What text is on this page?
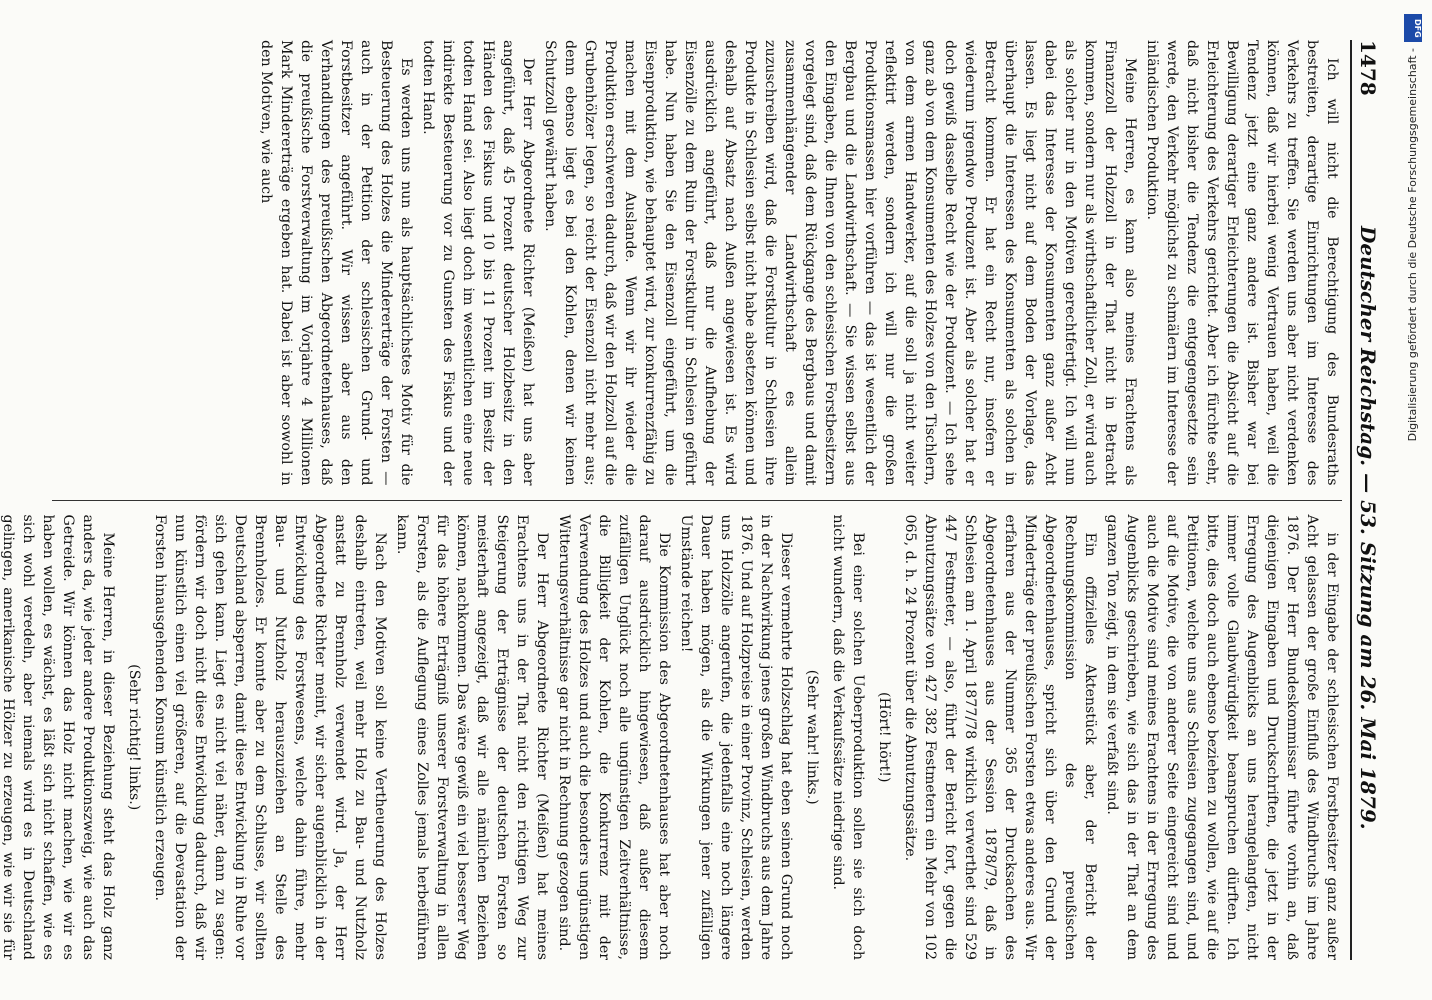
1478
Deutscher Reichstag. — 53. Sitzung am 26. Mai 1879.

Ich will nicht die Berechtigung des Bundesraths bestreiten, derartige Einrichtungen im Interesse des Verkehrs zu treffen. Sie werden uns aber nicht verdenken können, daß wir hierbei wenig Vertrauen haben, weil die Tendenz jetzt eine ganz andere ist. Bisher war bei Bewilligung derartiger Erleichterungen die Absicht auf die Erleichterung des Verkehrs gerichtet. Aber ich fürchte sehr, daß nicht bisher die Tendenz die entgegengesetzte sein werde, den Verkehr möglichst zu schmälern im Interesse der inländischen Produktion.

Meine Herren, es kann also meines Erachtens als Finanzzoll der Holzzoll in der That nicht in Betracht kommen, sondern nur als wirthschaftlicher Zoll, er wird auch als solcher nur in den Motiven gerechtfertigt. Ich will nun dabei das Interesse der Konsumenten ganz außer Acht lassen. Es liegt nicht auf dem Boden der Vorlage, das überhaupt die Interessen des Konsumenten als solchen in Betracht kommen. Er hat ein Recht nur, insofern er wiederum irgendwo Produzent ist. Aber als solcher hat er doch gewiß dasselbe Recht wie der Produzent. — Ich sehe ganz ab von dem Konsumenten des Holzes von den Tischlern, von dem armen Handwerker, auf die soll ja nicht weiter reflektirt werden, sondern ich will nur die großen Produktionsmassen hier vorführen — das ist wesentlich der Bergbau und die Landwirthschaft. — Sie wissen selbst aus den Eingaben, die Ihnen von den schlesischen Forstbesitzern vorgelegt sind, daß dem Rückgange des Bergbaus und damit zusammenhängender Landwirthschaft es allein zuzuschreiben wird, daß die Forstkultur in Schlesien ihre Produkte in Schlesien selbst nicht habe absetzen können und deshalb auf Absatz nach Außen angewiesen ist. Es wird ausdrücklich angeführt, daß nur die Aufhebung der Eisenzölle zu dem Ruin der Forstkultur in Schlesien geführt habe. Nun haben Sie den Eisenzoll eingeführt, um die Eisenproduktion, wie behauptet wird, zur konkurrenzfähig zu machen mit dem Auslande. Wenn wir ihr wieder die Produktion erschweren dadurch, daß wir den Holzzoll auf die Grubenhölzer legen, so reicht der Eisenzoll nicht mehr aus; denn ebenso liegt es bei den Kohlen, denen wir keinen Schutzzoll gewährt haben.

Der Herr Abgeordnete Richter (Meißen) hat uns aber angeführt, daß 45 Prozent deutscher Holzbesitz in den Händen des Fiskus und 10 bis 11 Prozent im Besitz der todten Hand sei. Also liegt doch im wesentlichen eine neue indirekte Besteuerung vor zu Gunsten des Fiskus und der todten Hand.

Es werden uns nun als hauptsächlichstes Motiv für die Besteuerung des Holzes die Mindererträge der Forsten — auch in der Petition der schlesischen Grund- und Forstbesitzer angeführt. Wir wissen aber aus den Verhandlungen des preußischen Abgeordnetenhauses, daß die preußische Forstverwaltung im Vorjahre 4 Millionen Mark Mindererträge ergeben hat. Dabei ist aber sowohl in den Motiven, wie auch

in der Eingabe der schlesischen Forstbesitzer ganz außer Acht gelassen der große Einfluß des Windbruchs im Jahre 1876. Der Herr Bundeskommissar führte vorhin an, daß diejenigen Eingaben und Druckschriften, die jetzt in der Erregung des Augenblicks an uns herangelangten, nicht immer volle Glaubwürdigkeit beanspruchen dürften. Ich bitte, dies doch auch ebenso beziehen zu wollen, wie auf die Petitionen, welche uns aus Schlesien zugegangen sind, und auf die Motive, die von anderer Seite eingereicht sind und auch die Motive sind meines Erachtens in der Erregung des Augenblicks geschrieben, wie sich das in der That an dem ganzen Ton zeigt, in dem sie verfaßt sind.

Ein offizielles Aktenstück aber, der Bericht der Rechnungskommission des preußischen Abgeordnetenhauses, spricht sich über den Grund der Minderträge der preußischen Forsten etwas anderes aus. Wir erfahren aus der Nummer 365 der Drucksachen des Abgeordnetenhauses aus der Session 1878/79, daß in Schlesien am 1. April 1877/78 wirklich verwerthet sind 529 447 Festmeter, — also, führt der Bericht fort, gegen die Abnutzungssätze von 427 382 Festmetern ein Mehr von 102 065, d. h. 24 Prozent über die Abnutzungssätze.

(Hört! hört!)

Bei einer solchen Ueberproduktion sollen sie sich doch nicht wundern, daß die Verkaufssätze niedrige sind.

(Sehr wahr! links.)

Dieser vermehrte Holzschlag hat eben seinen Grund noch in der Nachwirkung jenes großen Windbruchs aus dem Jahre 1876. Und auf Holzpreise in einer Provinz, Schlesien, werden uns Holzzölle angerufen, die jedenfalls eine noch längere Dauer haben mögen, als die Wirkungen jener zufälligen Umstände reichen!

Die Kommission des Abgeordnetenhauses hat aber noch darauf ausdrücklich hingewiesen, daß außer diesem zufälligen Unglück noch alle ungünstigen Zeitverhältnisse, die Billigkeit der Kohlen, die Konkurrenz mit der Verwendung des Holzes und auch die besonders ungünstigen Witterungsverhältnisse gar nicht in Rechnung gezogen sind.

Der Herr Abgeordnete Richter (Meißen) hat meines Erachtens uns in der That nicht den richtigen Weg zur Steigerung der Erträgnisse der deutschen Forsten so meisterhaft angezeigt, daß wir alle nämlichen Beziehen können, nachkommen. Das wäre gewiß ein viel besserer Weg für das höhere Erträgniß unserer Forstverwaltung in allen Forsten, als die Auflegung eines Zolles jemals herbeiführen kann.

Nach den Motiven soll keine Vertheuerung des Holzes deshalb eintreten, weil mehr Holz zu Bau- und Nutzholz anstatt zu Brennholz verwendet wird. Ja, der Herr Abgeordnete Richter meint, wir sicher augenblicklich in der Entwicklung des Forstwesens, welche dahin führe, mehr Bau- und Nutzholz herauszuziehen an Stelle des Brennholzes. Er konnte aber zu dem Schlusse, wir sollten Deutschland absperren, damit diese Entwicklung in Ruhe vor sich gehen kann. Liegt es nicht viel näher, dann zu sagen: fördern wir doch nicht diese Entwicklung dadurch, daß wir nun künstlich einen viel größeren, auf die Devastation der Forsten hinausgehenden Konsum künstlich erzeugen.

(Sehr richtig! links.)

Meine Herren, in dieser Beziehung steht das Holz ganz anders da, wie jeder andere Produktionszweig, wie auch das Getreide. Wir können das Holz nicht machen, wie wir es haben wollen, es wächst, es läßt sich nicht schaffen, wie es sich wohl veredeln, aber niemals wird es in Deutschland gelingen, amerikanische Hölzer zu erzeugen, wie wir sie für

Digitalisierung gefördert durch die Deutsche Forschungsgemeinschaft -
DFG
